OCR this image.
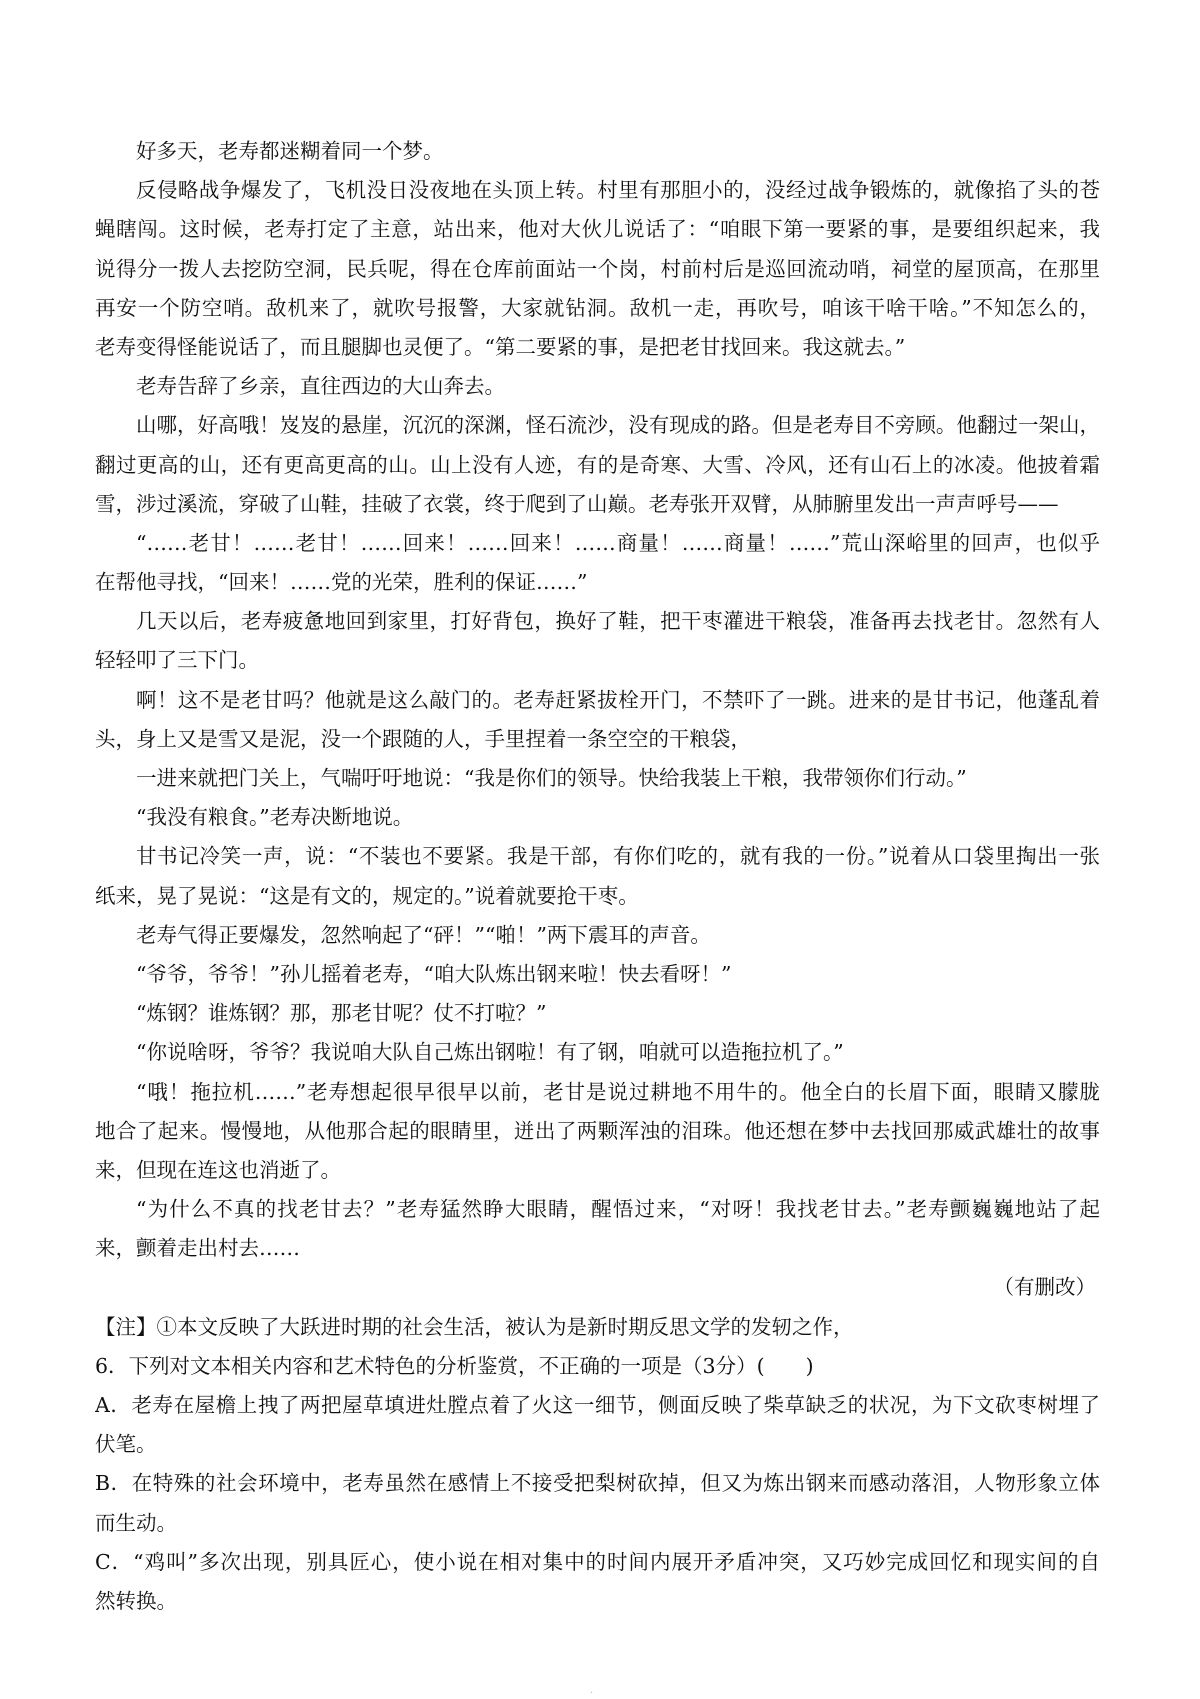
好多天，老寿都迷糊着同一个梦。
反侵略战争爆发了，飞机没日没夜地在头顶上转。村里有那胆小的，没经过战争锻炼的，就像掐了头的苍
蝇瞎闯。这时候，老寿打定了主意，站出来，他对大伙儿说话了：“咱眼下第一要紧的事，是要组织起来，我
说得分一拨人去挖防空洞，民兵呢，得在仓库前面站一个岗，村前村后是巡回流动哨，祠堂的屋顶高，在那里
再安一个防空哨。敌机来了，就吹号报警，大家就钻洞。敌机一走，再吹号，咱该干啥干啥。”不知怎么的，
老寿变得怪能说话了，而且腿脚也灵便了。“第二要紧的事，是把老甘找回来。我这就去。”
老寿告辞了乡亲，直往西边的大山奔去。
山哪，好高哦！岌岌的悬崖，沉沉的深渊，怪石流沙，没有现成的路。但是老寿目不旁顾。他翻过一架山，
翻过更高的山，还有更高更高的山。山上没有人迹，有的是奇寒、大雪、冷风，还有山石上的冰凌。他披着霜
雪，涉过溪流，穿破了山鞋，挂破了衣裳，终于爬到了山巅。老寿张开双臂，从肺腑里发出一声声呼号——
“……老甘！……老甘！……回来！……回来！……商量！……商量！……”荒山深峪里的回声，也似乎
在帮他寻找，“回来！……党的光荣，胜利的保证……”
几天以后，老寿疲惫地回到家里，打好背包，换好了鞋，把干枣灌进干粮袋，准备再去找老甘。忽然有人
轻轻叩了三下门。
啊！这不是老甘吗？他就是这么敲门的。老寿赶紧拔栓开门，不禁吓了一跳。进来的是甘书记，他蓬乱着
头，身上又是雪又是泥，没一个跟随的人，手里捏着一条空空的干粮袋，
一进来就把门关上，气喘吁吁地说：“我是你们的领导。快给我装上干粮，我带领你们行动。”
“我没有粮食。”老寿决断地说。
甘书记冷笑一声，说：“不装也不要紧。我是干部，有你们吃的，就有我的一份。”说着从口袋里掏出一张
纸来，晃了晃说：“这是有文的，规定的。”说着就要抢干枣。
老寿气得正要爆发，忽然响起了“砰！”“啪！”两下震耳的声音。
“爷爷，爷爷！”孙儿摇着老寿，“咱大队炼出钢来啦！快去看呀！”
“炼钢？谁炼钢？那，那老甘呢？仗不打啦？”
“你说啥呀，爷爷？我说咱大队自己炼出钢啦！有了钢，咱就可以造拖拉机了。”
“哦！拖拉机……”老寿想起很早很早以前，老甘是说过耕地不用牛的。他全白的长眉下面，眼睛又朦胧
地合了起来。慢慢地，从他那合起的眼睛里，迸出了两颗浑浊的泪珠。他还想在梦中去找回那威武雄壮的故事
来，但现在连这也消逝了。
“为什么不真的找老甘去？”老寿猛然睁大眼睛，醒悟过来，“对呀！我找老甘去。”老寿颤巍巍地站了起
来，颤着走出村去……
（有删改）
【注】①本文反映了大跃进时期的社会生活，被认为是新时期反思文学的发轫之作，
6．下列对文本相关内容和艺术特色的分析鉴赏，不正确的一项是（3分）(　　)
A．老寿在屋檐上拽了两把屋草填进灶膛点着了火这一细节，侧面反映了柴草缺乏的状况，为下文砍枣树埋了
伏笔。
B．在特殊的社会环境中，老寿虽然在感情上不接受把梨树砍掉，但又为炼出钢来而感动落泪，人物形象立体
而生动。
C．“鸡叫”多次出现，别具匠心，使小说在相对集中的时间内展开矛盾冲突，又巧妙完成回忆和现实间的自
然转换。
·
